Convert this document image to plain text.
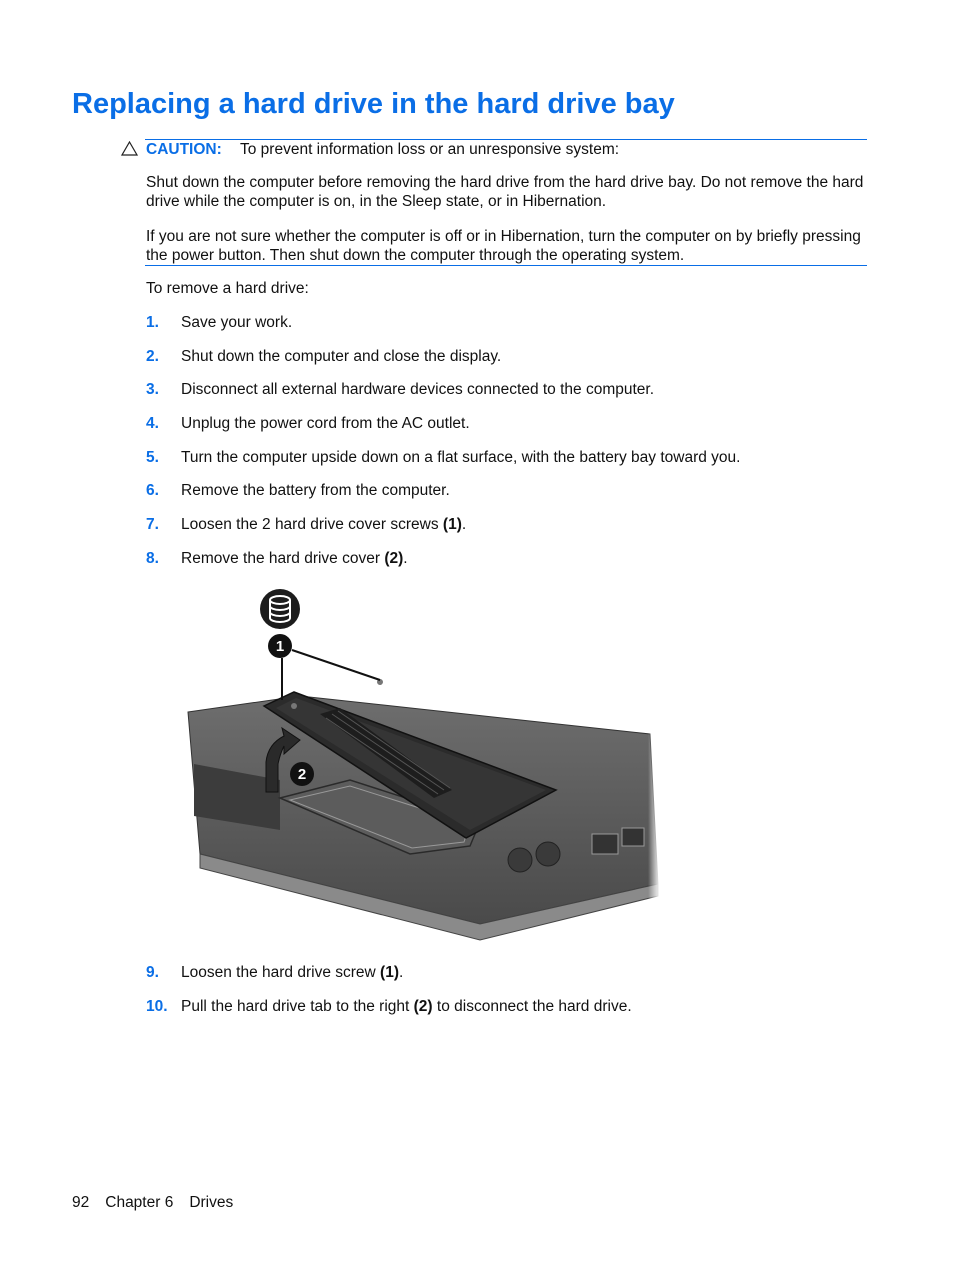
Replacing a hard drive in the hard drive bay
CAUTION: To prevent information loss or an unresponsive system:

Shut down the computer before removing the hard drive from the hard drive bay. Do not remove the hard drive while the computer is on, in the Sleep state, or in Hibernation.

If you are not sure whether the computer is off or in Hibernation, turn the computer on by briefly pressing the power button. Then shut down the computer through the operating system.

To remove a hard drive:
1. Save your work.
2. Shut down the computer and close the display.
3. Disconnect all external hardware devices connected to the computer.
4. Unplug the power cord from the AC outlet.
5. Turn the computer upside down on a flat surface, with the battery bay toward you.
6. Remove the battery from the computer.
7. Loosen the 2 hard drive cover screws (1).
8. Remove the hard drive cover (2).
1
2
9. Loosen the hard drive screw (1).
10. Pull the hard drive tab to the right (2) to disconnect the hard drive.
92 Chapter 6 Drives
